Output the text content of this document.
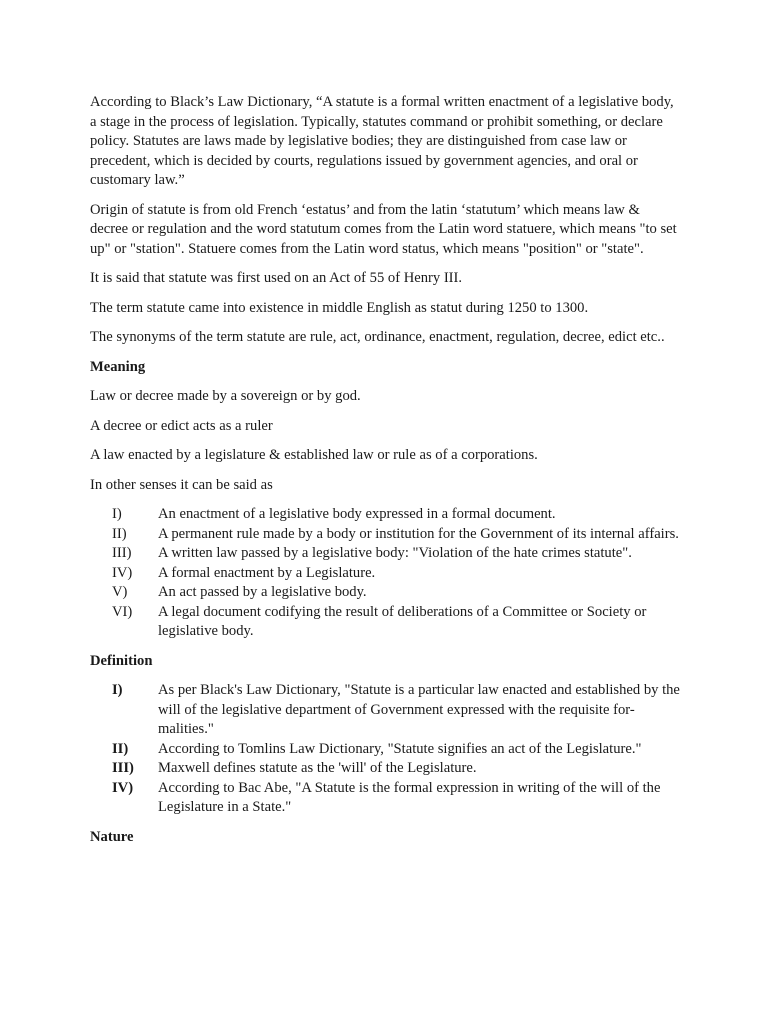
According to Black’s Law Dictionary, “A statute is a formal written enactment of a legislative body, a stage in the process of legislation. Typically, statutes command or prohibit something, or declare policy. Statutes are laws made by legislative bodies; they are distinguished from case law or precedent, which is decided by courts, regulations issued by government agencies, and oral or customary law.”

Origin of statute is from old French ‘estatus’ and from the latin ‘statutum’ which means law & decree or regulation and the word statutum comes from the Latin word statuere, which means "to set up" or "station". Statuere comes from the Latin word status, which means "position" or "state".

It is said that statute was first used on an Act of 55 of Henry III.

The term statute came into existence in middle English as statut during 1250 to 1300.

The synonyms of the term statute are rule, act, ordinance, enactment, regulation, decree, edict etc..

Meaning

Law or decree made by a sovereign or by god.

A decree or edict acts as a ruler

A law enacted by a legislature & established law or rule as of a corporations.

In other senses it can be said as

I)	An enactment of a legislative body expressed in a formal document.
II)	A permanent rule made by a body or institution for the Government of its internal affairs.
III)	A written law passed by a legislative body: "Violation of the hate crimes statute".
IV)	A formal enactment by a Legislature.
V)	An act passed by a legislative body.
VI)	A legal document codifying the result of deliberations of a Committee or Society or legislative body.

Definition

I)	As per Black's Law Dictionary, "Statute is a particular law enacted and established by the will of the legislative department of Government expressed with the requisite for-malities."
II)	According to Tomlins Law Dictionary, "Statute signifies an act of the Legislature."
III)	Maxwell defines statute as the 'will' of the Legislature.
IV)	According to Bac Abe, "A Statute is the formal expression in writing of the will of the Legislature in a State."

Nature
